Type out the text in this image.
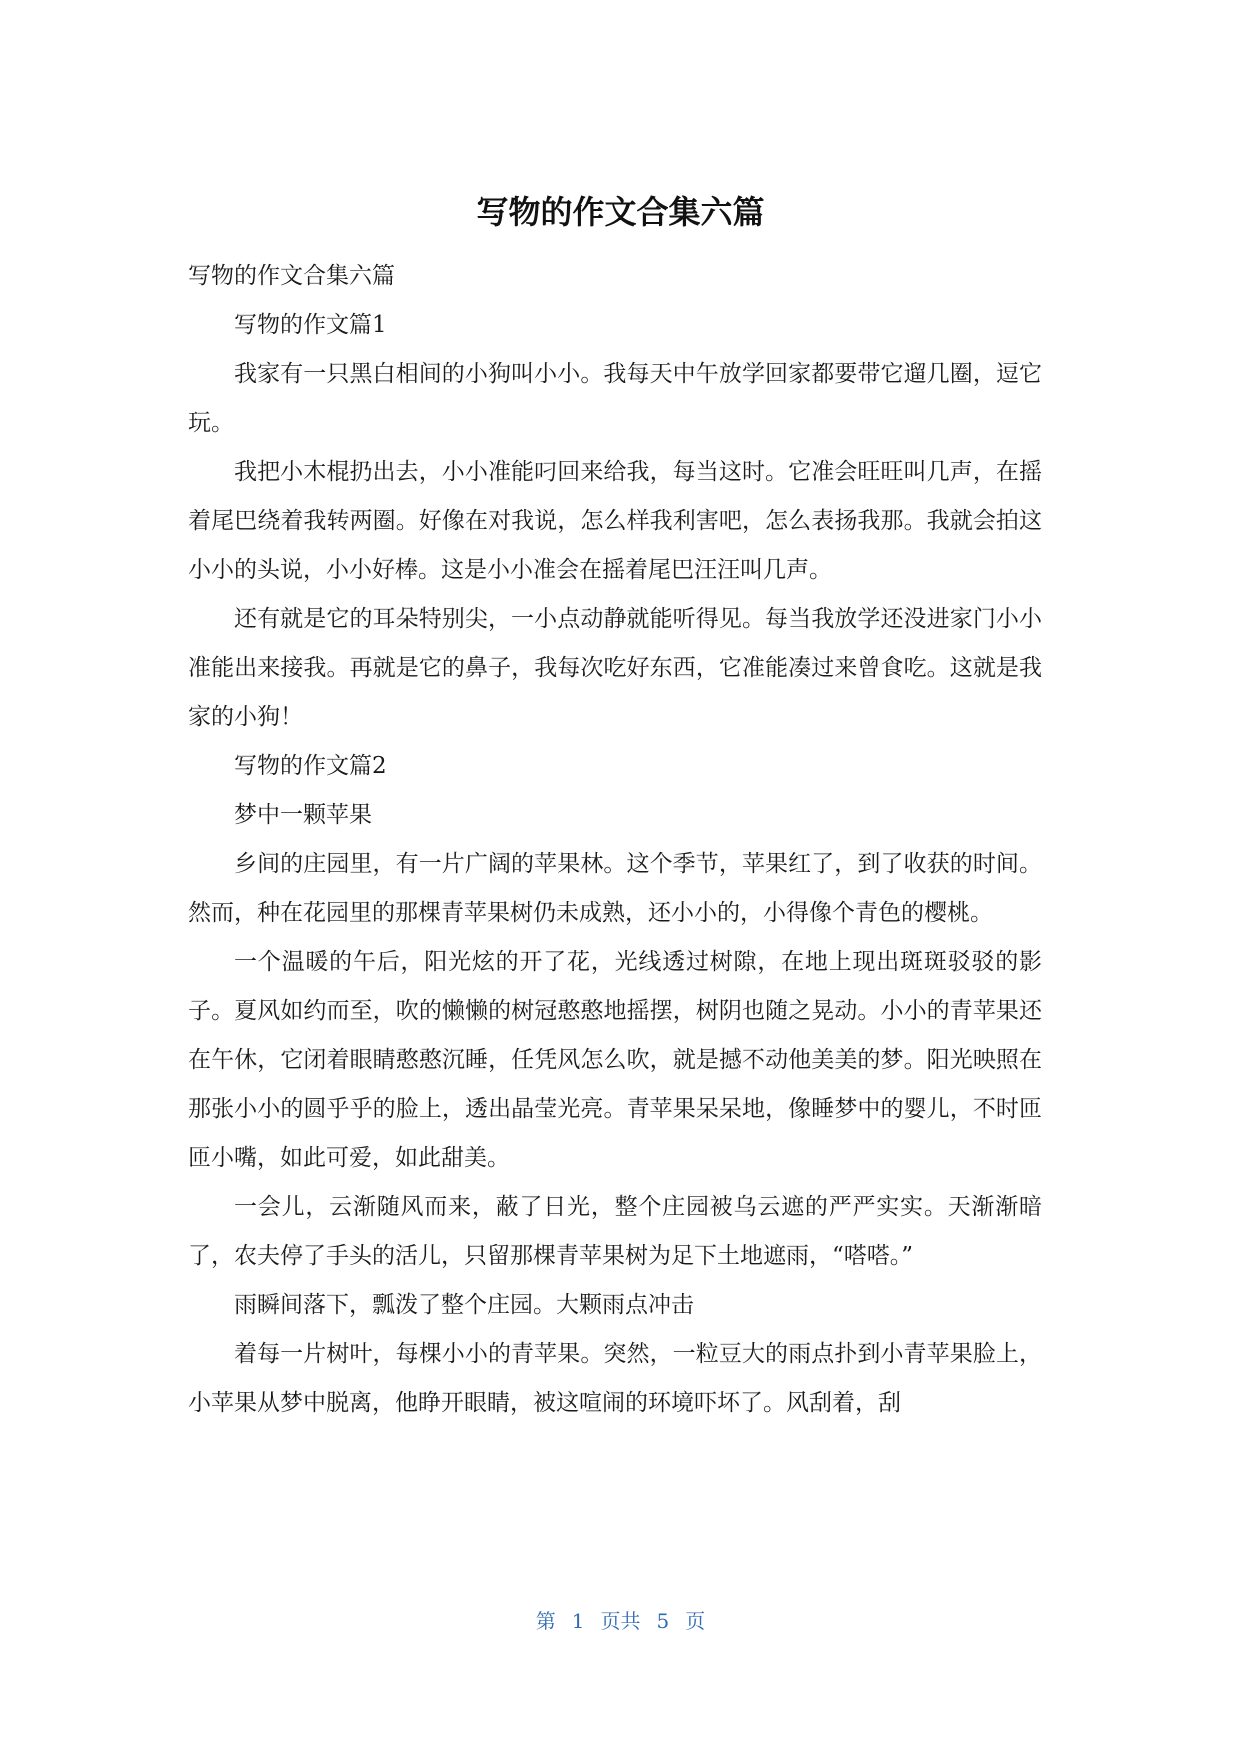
写物的作文合集六篇

写物的作文合集六篇

写物的作文篇1

我家有一只黑白相间的小狗叫小小。我每天中午放学回家都要带它遛几圈，逗它玩。

我把小木棍扔出去，小小准能叼回来给我，每当这时。它准会旺旺叫几声，在摇着尾巴绕着我转两圈。好像在对我说，怎么样我利害吧，怎么表扬我那。我就会拍这小小的头说，小小好棒。这是小小准会在摇着尾巴汪汪叫几声。

还有就是它的耳朵特别尖，一小点动静就能听得见。每当我放学还没进家门小小准能出来接我。再就是它的鼻子，我每次吃好东西，它准能凑过来曾食吃。这就是我家的小狗！

写物的作文篇2

梦中一颗苹果

乡间的庄园里，有一片广阔的苹果林。这个季节，苹果红了，到了收获的时间。然而，种在花园里的那棵青苹果树仍未成熟，还小小的，小得像个青色的樱桃。

一个温暖的午后，阳光炫的开了花，光线透过树隙，在地上现出斑斑驳驳的影子。夏风如约而至，吹的懒懒的树冠憨憨地摇摆，树阴也随之晃动。小小的青苹果还在午休，它闭着眼睛憨憨沉睡，任凭风怎么吹，就是撼不动他美美的梦。阳光映照在那张小小的圆乎乎的脸上，透出晶莹光亮。青苹果呆呆地，像睡梦中的婴儿，不时匝匝小嘴，如此可爱，如此甜美。

一会儿，云渐随风而来，蔽了日光，整个庄园被乌云遮的严严实实。天渐渐暗了，农夫停了手头的活儿，只留那棵青苹果树为足下土地遮雨，“嗒嗒。”

雨瞬间落下，瓢泼了整个庄园。大颗雨点冲击

着每一片树叶，每棵小小的青苹果。突然，一粒豆大的雨点扑到小青苹果脸上，小苹果从梦中脱离，他睁开眼睛，被这喧闹的环境吓坏了。风刮着，刮

第 1 页共 5 页
